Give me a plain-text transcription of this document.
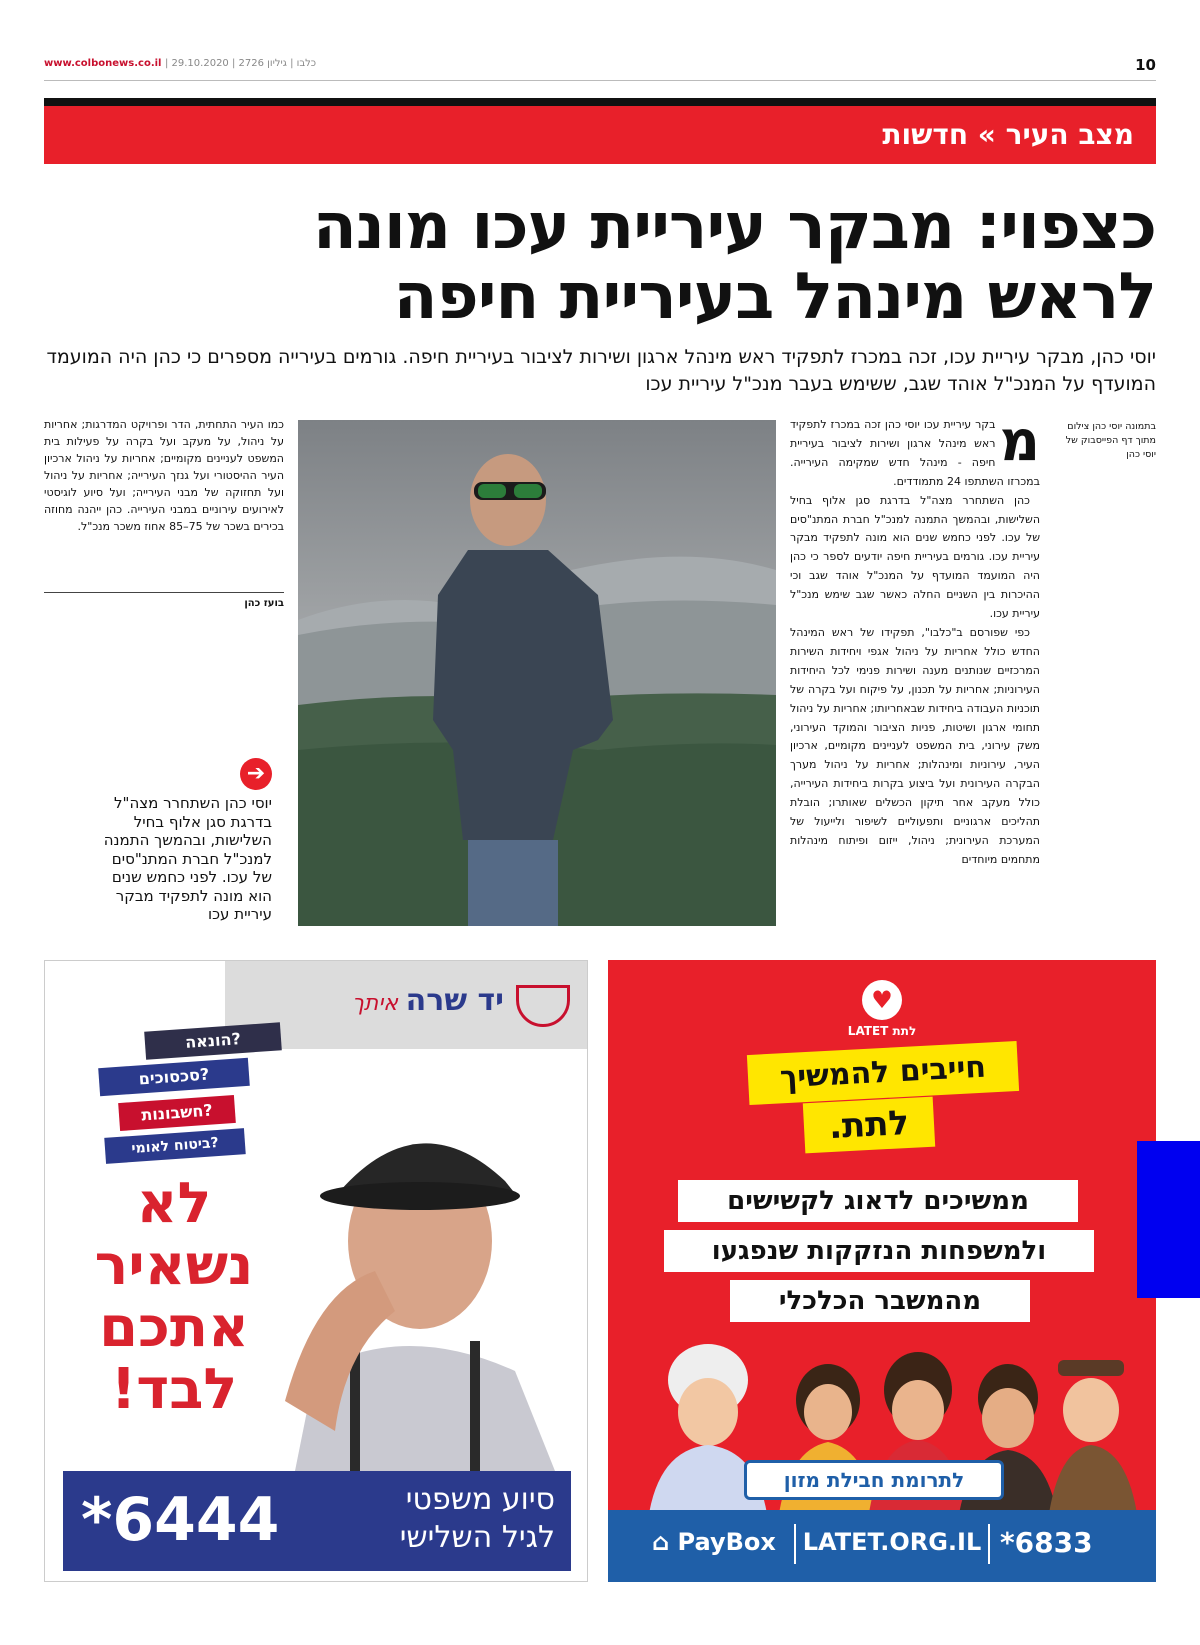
www.colbonews.co.il | כלבו | גיליון 2726 | 29.10.2020	10
מצב העיר » חדשות
כצפוי: מבקר עיריית עכו מונה
לראש מינהל בעיריית חיפה
יוסי כהן, מבקר עיריית עכו, זכה במכרז לתפקיד ראש מינהל ארגון ושירות לציבור בעיריית חיפה. גורמים בעירייה מספרים כי כהן היה המועמד המועדף על המנכ"ל אוהד שגב, ששימש בעבר מנכ"ל עיריית עכו
בתמונה יוסי כהן צילום מתוך דף הפייסבוק של יוסי כהן
מ
בקר עיריית עכו יוסי כהן זכה במכרז לתפקיד ראש מינהל ארגון ושירות לציבור בעיריית חיפה - מינהל חדש שמקימה העירייה. במכרזו השתתפו 24 מתמודדים.

כהן השתחרר מצה"ל בדרגת סגן אלוף בחיל השלישות, ובהמשך התמנה למנכ"ל חברת המתנ"סים של עכו. לפני כחמש שנים הוא מונה לתפקיד מבקר עיריית עכו. גורמים בעיריית חיפה יודעים לספר כי כהן היה המועמד המועדף על המנכ"ל אוהד שגב וכי ההיכרות בין השניים החלה כאשר שגב שימש מנכ"ל עיריית עכו.

כפי שפורסם ב"כלבו", תפקידו של ראש המינהל החדש כולל אחריות על ניהול אגפי ויחידות השירות המרכזיים שנותנים מענה ושירות פנימי לכל היחידות העירוניות; אחריות על תכנון, על פיקוח ועל בקרה של תוכניות העבודה ביחידות שבאחריותו; אחריות על ניהול תחומי ארגון ושיטות, פניות הציבור והמוקד העירוני, משק עירוני, בית המשפט לעניינים מקומיים, ארכיון העיר, עירוניות ומינהלות; אחריות על ניהול מערך הבקרה העירונית ועל ביצוע בקרות ביחידות העירייה, כולל מעקב אחר תיקון הכשלים שאותרו; הובלת תהליכים ארגוניים ותפעוליים לשיפור ולייעול של המערכת העירונית; ניהול, ייזום ופיתוח מינהלות מתחמים מיוחדים

כמו העיר התחתית, הדר ופרויקט המדרגות; אחריות על ניהול, על מעקב ועל בקרה על פעילות בית המשפט לעניינים מקומיים; אחריות על ניהול ארכיון העיר ההיסטורי ועל גנזך העירייה; אחריות על ניהול ועל תחזוקה של מבני העירייה; ועל סיוע לוגיסטי לאירועים עירוניים במבני העירייה. כהן ייהנה מחוזה בכירים בשכר של 75–85 אחוז משכר מנכ"ל.
בועז כהן
➔
יוסי כהן השתחרר מצה"ל בדרגת סגן אלוף בחיל השלישות, ובהמשך התמנה למנכ"ל חברת המתנ"סים של עכו. לפני כחמש שנים הוא מונה לתפקיד מבקר עיריית עכו
יד שרה
איתך
הונאה?
סכסוכים?
חשבונות?
ביטוח לאומי?
לא
נשאיר
אתכם
לבד!
סיוע משפטי
לגיל השלישי
*6444
♥
LATET לתת
חייבים להמשיך
לתת.
ממשיכים לדאוג לקשישים
ולמשפחות הנזקקות שנפגעו
מהמשבר הכלכלי
לתרומת חבילת מזון
⌂ PayBox LATET.ORG.IL *6833
